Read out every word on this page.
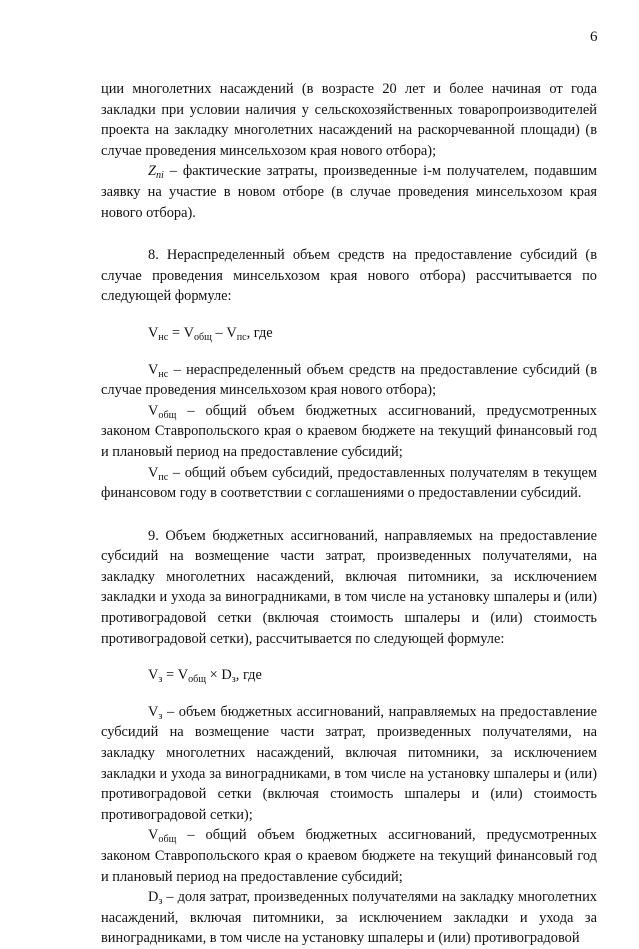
6

ции многолетних насаждений (в возрасте 20 лет и более начиная от года закладки при условии наличия у сельскохозяйственных товаропроизводителей проекта на закладку многолетних насаждений на раскорчеванной площади) (в случае проведения минсельхозом края нового отбора);

$Z_{ni}$ – фактические затраты, произведенные i-м получателем, подавшим заявку на участие в новом отборе (в случае проведения минсельхозом края нового отбора).

8. Нераспределенный объем средств на предоставление субсидий (в случае проведения минсельхозом края нового отбора) рассчитывается по следующей формуле:

$V_{нс} = V_{общ} - V_{пс}$, где

$V_{нс}$ – нераспределенный объем средств на предоставление субсидий (в случае проведения минсельхозом края нового отбора);

$V_{общ}$ – общий объем бюджетных ассигнований, предусмотренных законом Ставропольского края о краевом бюджете на текущий финансовый год и плановый период на предоставление субсидий;

$V_{пс}$ – общий объем субсидий, предоставленных получателям в текущем финансовом году в соответствии с соглашениями о предоставлении субсидий.

9. Объем бюджетных ассигнований, направляемых на предоставление субсидий на возмещение части затрат, произведенных получателями, на закладку многолетних насаждений, включая питомники, за исключением закладки и ухода за виноградниками, в том числе на установку шпалеры и (или) противоградовой сетки (включая стоимость шпалеры и (или) стоимость противоградовой сетки), рассчитывается по следующей формуле:

$V_з = V_{общ} \times D_з$, где

$V_з$ – объем бюджетных ассигнований, направляемых на предоставление субсидий на возмещение части затрат, произведенных получателями, на закладку многолетних насаждений, включая питомники, за исключением закладки и ухода за виноградниками, в том числе на установку шпалеры и (или) противоградовой сетки (включая стоимость шпалеры и (или) стоимость противоградовой сетки);

$V_{общ}$ – общий объем бюджетных ассигнований, предусмотренных законом Ставропольского края о краевом бюджете на текущий финансовый год и плановый период на предоставление субсидий;

$D_з$ – доля затрат, произведенных получателями на закладку многолетних насаждений, включая питомники, за исключением закладки и ухода за виноградниками, в том числе на установку шпалеры и (или) противоградовой
